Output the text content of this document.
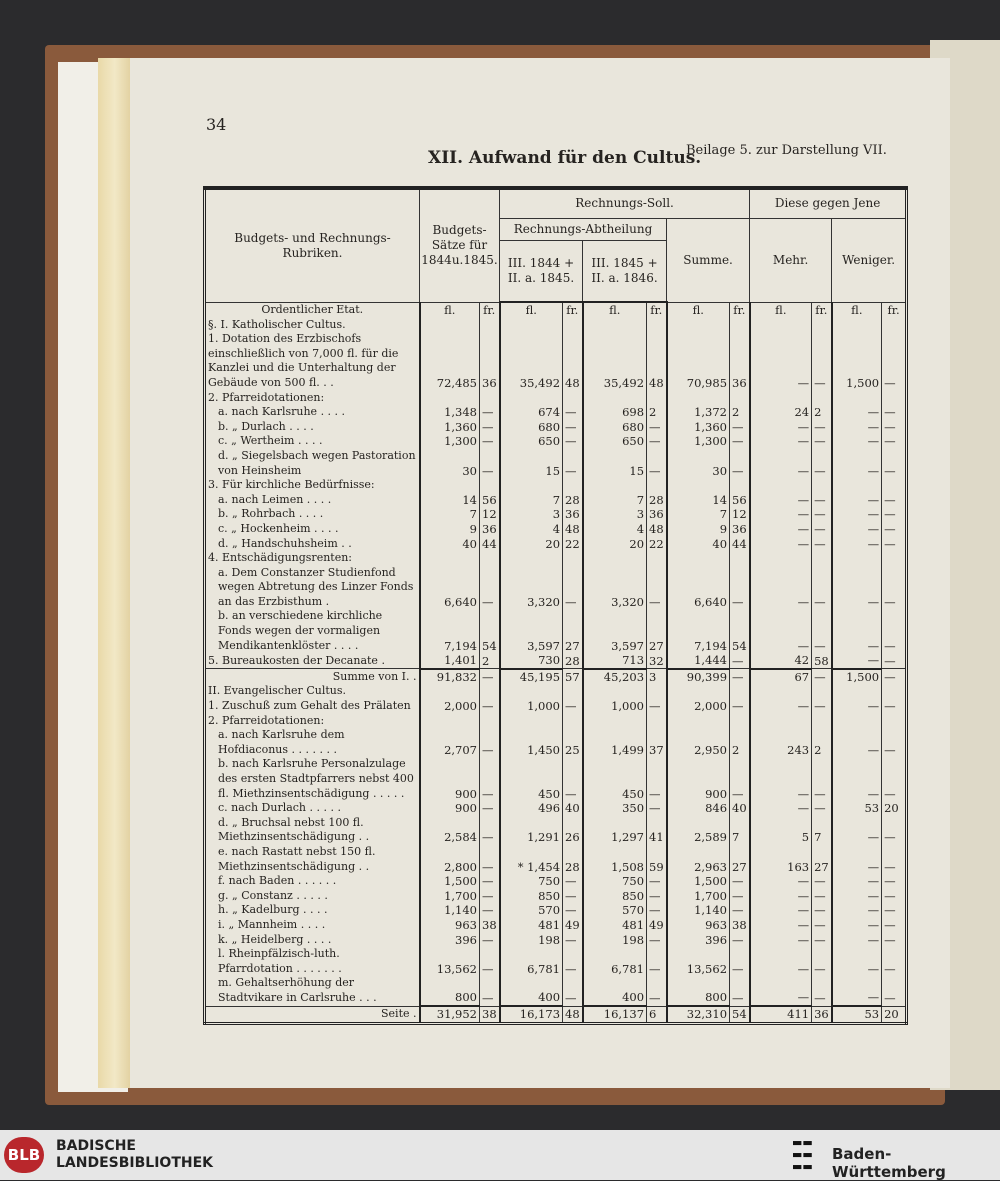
34
XII. Aufwand für den Cultus.
Beilage 5. zur Darstellung VII.
Budgets- und Rechnungs-Rubriken.	Budgets-Sätze für 1844u.1845.		Rechnungs-Soll.						Diese gegen Jene			
			Rechnungs-Abtheilung				Summe.		Mehr.		Weniger.	
			III. 1844 + II. a. 1845.		III. 1845 + II. a. 1846.							
Ordentlicher Etat.	fl.	fr.	fl.	fr.	fl.	fr.	fl.	fr.	fl.	fr.	fl.	fr.
§. I. Katholischer Cultus.												
1. Dotation des Erzbischofs einschließlich von 7,000 fl. für die Kanzlei und die Unterhaltung der Gebäude von 500 fl. . .	72,485	36	35,492	48	35,492	48	70,985	36	—	—	1,500	—
2. Pfarreidotationen:												
a. nach Karlsruhe . . . .	1,348	—	674	—	698	2	1,372	2	24	2	—	—
b. „ Durlach . . . .	1,360	—	680	—	680	—	1,360	—	—	—	—	—
c. „ Wertheim . . . .	1,300	—	650	—	650	—	1,300	—	—	—	—	—
d. „ Siegelsbach wegen Pastoration von Heinsheim	30	—	15	—	15	—	30	—	—	—	—	—
3. Für kirchliche Bedürfnisse:												
a. nach Leimen . . . .	14	56	7	28	7	28	14	56	—	—	—	—
b. „ Rohrbach . . . .	7	12	3	36	3	36	7	12	—	—	—	—
c. „ Hockenheim . . . .	9	36	4	48	4	48	9	36	—	—	—	—
d. „ Handschuhsheim . .	40	44	20	22	20	22	40	44	—	—	—	—
4. Entschädigungsrenten:												
a. Dem Constanzer Studienfond wegen Abtretung des Linzer Fonds an das Erzbisthum .	6,640	—	3,320	—	3,320	—	6,640	—	—	—	—	—
b. an verschiedene kirchliche Fonds wegen der vormaligen Mendikantenklöster . . . .	7,194	54	3,597	27	3,597	27	7,194	54	—	—	—	—
5. Bureaukosten der Decanate .	1,401	2	730	28	713	32	1,444	—	42	58	—	—
Summe von I. .	91,832	—	45,195	57	45,203	3	90,399	—	67	—	1,500	—
II. Evangelischer Cultus.												
1. Zuschuß zum Gehalt des Prälaten	2,000	—	1,000	—	1,000	—	2,000	—	—	—	—	—
2. Pfarreidotationen:												
a. nach Karlsruhe dem Hofdiaconus . . . . . . .	2,707	—	1,450	25	1,499	37	2,950	2	243	2	—	—
b. nach Karlsruhe Personalzulage des ersten Stadtpfarrers nebst 400 fl. Miethzinsentschädigung . . . . .	900	—	450	—	450	—	900	—	—	—	—	—
c. nach Durlach . . . . .	900	—	496	40	350	—	846	40	—	—	53	20
d. „ Bruchsal nebst 100 fl. Miethzinsentschädigung . .	2,584	—	1,291	26	1,297	41	2,589	7	5	7	—	—
e. nach Rastatt nebst 150 fl. Miethzinsentschädigung . .	2,800	—	* 1,454	28	1,508	59	2,963	27	163	27	—	—
f. nach Baden . . . . . .	1,500	—	750	—	750	—	1,500	—	—	—	—	—
g. „ Constanz . . . . .	1,700	—	850	—	850	—	1,700	—	—	—	—	—
h. „ Kadelburg . . . .	1,140	—	570	—	570	—	1,140	—	—	—	—	—
i. „ Mannheim . . . .	963	38	481	49	481	49	963	38	—	—	—	—
k. „ Heidelberg . . . .	396	—	198	—	198	—	396	—	—	—	—	—
l. Rheinpfälzisch-luth. Pfarrdotation . . . . . . .	13,562	—	6,781	—	6,781	—	13,562	—	—	—	—	—
m. Gehaltserhöhung der Stadtvikare in Carlsruhe . . .	800	—	400	—	400	—	800	—	—	—	—	—
Seite .	31,952	38	16,173	48	16,137	6	32,310	54	411	36	53	20
BLB BADISCHE LANDESBIBLIOTHEK
▬▬
▬▬
▬▬
Baden-Württemberg
